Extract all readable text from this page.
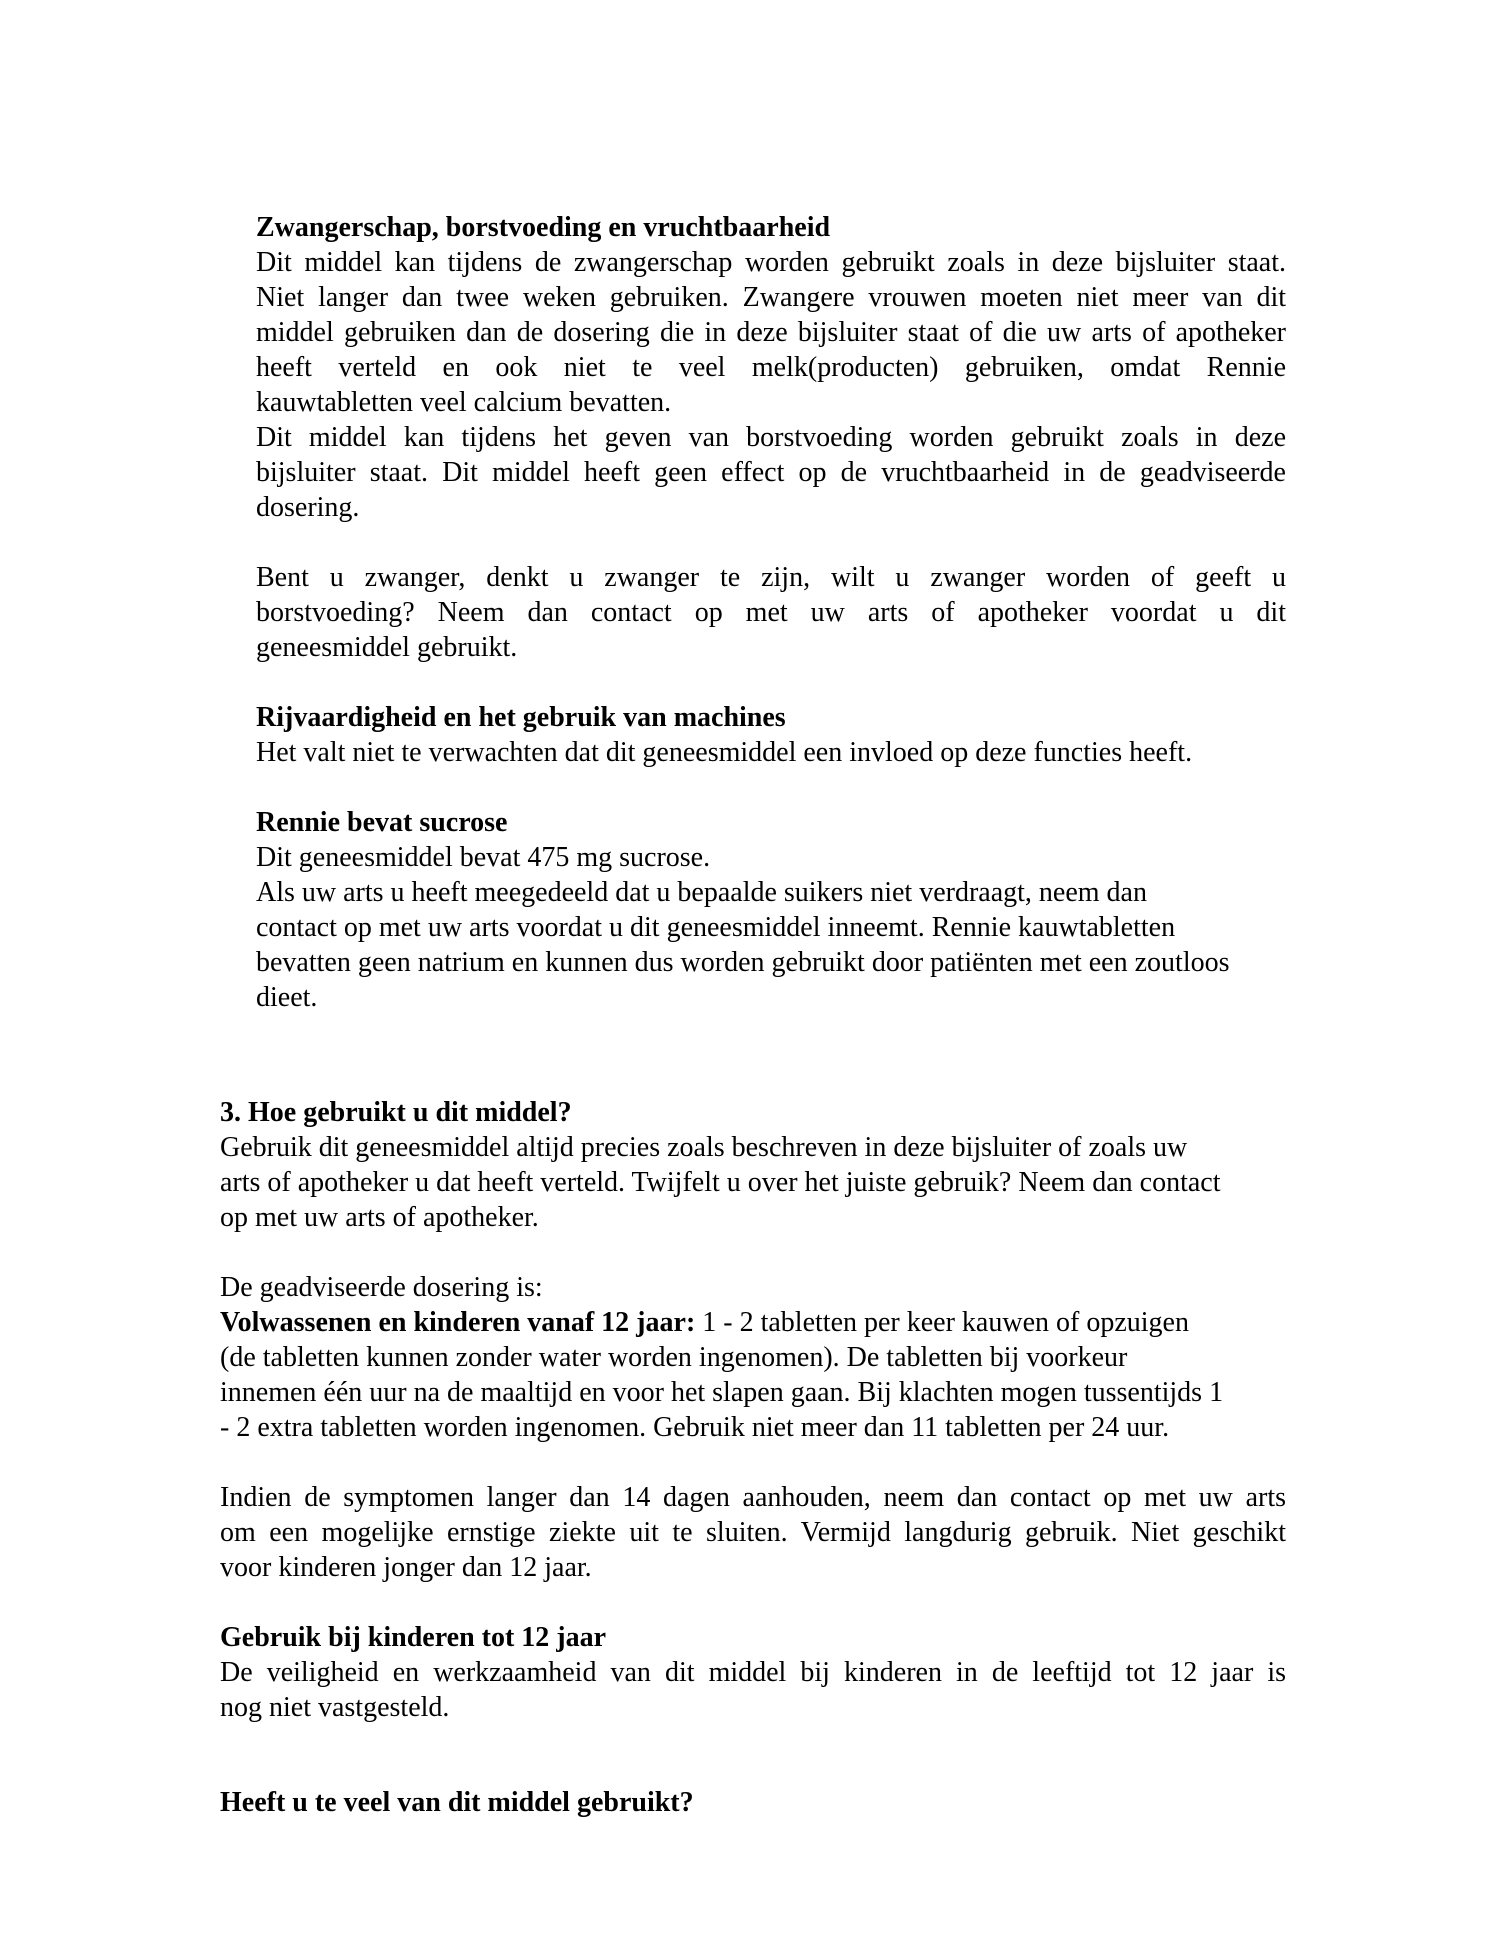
Zwangerschap, borstvoeding en vruchtbaarheid
Dit middel kan tijdens de zwangerschap worden gebruikt zoals in deze bijsluiter staat.
Niet langer dan twee weken gebruiken. Zwangere vrouwen moeten niet meer van dit
middel gebruiken dan de dosering die in deze bijsluiter staat of die uw arts of apotheker
heeft verteld en ook niet te veel melk(producten) gebruiken, omdat Rennie
kauwtabletten veel calcium bevatten.
Dit middel kan tijdens het geven van borstvoeding worden gebruikt zoals in deze
bijsluiter staat. Dit middel heeft geen effect op de vruchtbaarheid in de geadviseerde
dosering.
Bent u zwanger, denkt u zwanger te zijn, wilt u zwanger worden of geeft u
borstvoeding? Neem dan contact op met uw arts of apotheker voordat u dit
geneesmiddel gebruikt.
Rijvaardigheid en het gebruik van machines
Het valt niet te verwachten dat dit geneesmiddel een invloed op deze functies heeft.
Rennie bevat sucrose
Dit geneesmiddel bevat 475 mg sucrose.
Als uw arts u heeft meegedeeld dat u bepaalde suikers niet verdraagt, neem dan
contact op met uw arts voordat u dit geneesmiddel inneemt. Rennie kauwtabletten
bevatten geen natrium en kunnen dus worden gebruikt door patiënten met een zoutloos
dieet.
3. Hoe gebruikt u dit middel?
Gebruik dit geneesmiddel altijd precies zoals beschreven in deze bijsluiter of zoals uw
arts of apotheker u dat heeft verteld. Twijfelt u over het juiste gebruik? Neem dan contact
op met uw arts of apotheker.
De geadviseerde dosering is:
Volwassenen en kinderen vanaf 12 jaar: 1 - 2 tabletten per keer kauwen of opzuigen
(de tabletten kunnen zonder water worden ingenomen). De tabletten bij voorkeur
innemen één uur na de maaltijd en voor het slapen gaan. Bij klachten mogen tussentijds 1
- 2 extra tabletten worden ingenomen. Gebruik niet meer dan 11 tabletten per 24 uur.
Indien de symptomen langer dan 14 dagen aanhouden, neem dan contact op met uw arts
om een mogelijke ernstige ziekte uit te sluiten. Vermijd langdurig gebruik. Niet geschikt
voor kinderen jonger dan 12 jaar.
Gebruik bij kinderen tot 12 jaar
De veiligheid en werkzaamheid van dit middel bij kinderen in de leeftijd tot 12 jaar is
nog niet vastgesteld.
Heeft u te veel van dit middel gebruikt?
